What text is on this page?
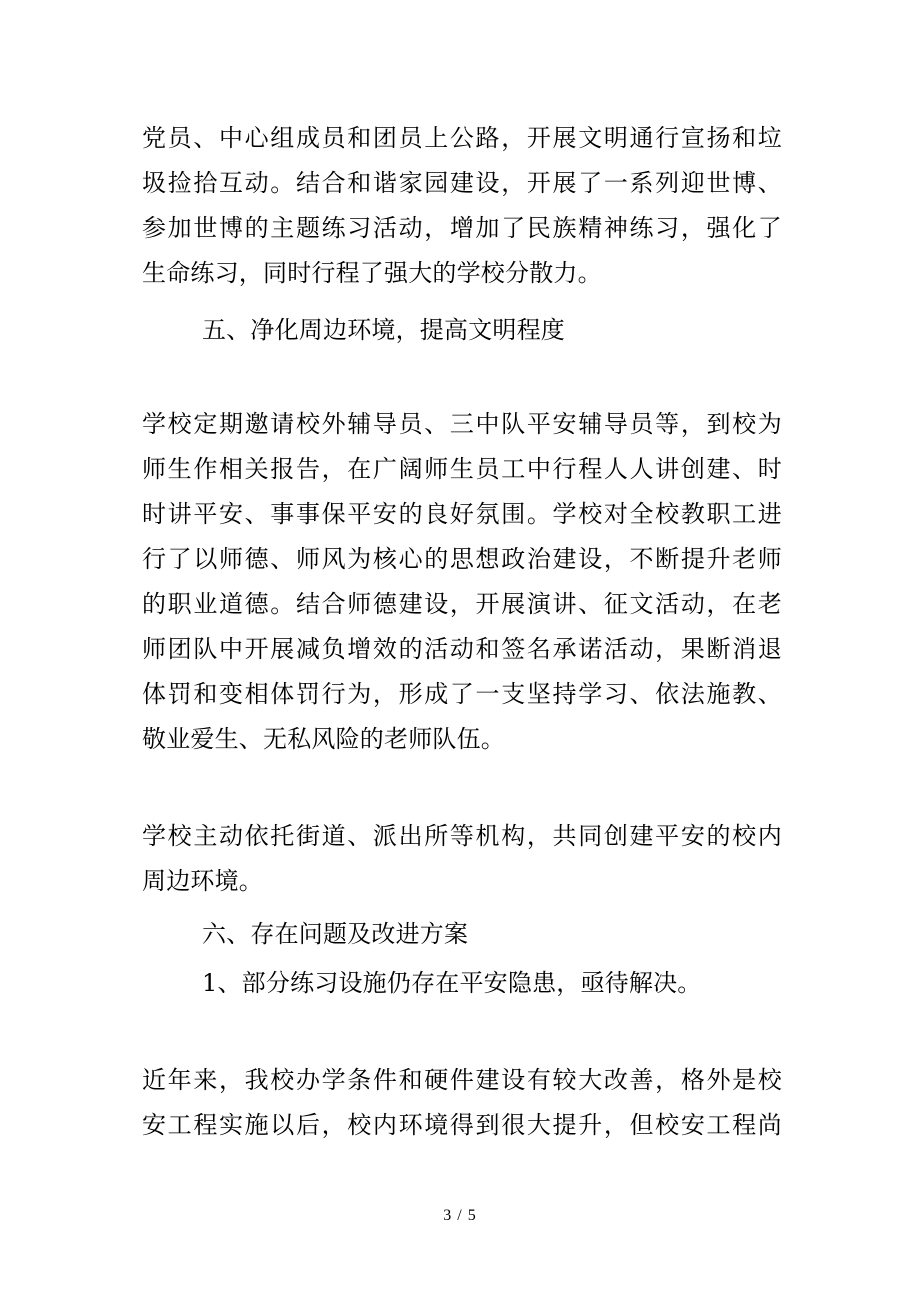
党员、中心组成员和团员上公路，开展文明通行宣扬和垃
圾捡拾互动。结合和谐家园建设，开展了一系列迎世博、
参加世博的主题练习活动，增加了民族精神练习，强化了
生命练习，同时行程了强大的学校分散力。
五、净化周边环境，提高文明程度
学校定期邀请校外辅导员、三中队平安辅导员等，到校为
师生作相关报告，在广阔师生员工中行程人人讲创建、时
时讲平安、事事保平安的良好氛围。学校对全校教职工进
行了以师德、师风为核心的思想政治建设，不断提升老师
的职业道德。结合师德建设，开展演讲、征文活动，在老
师团队中开展减负增效的活动和签名承诺活动，果断消退
体罚和变相体罚行为，形成了一支坚持学习、依法施教、
敬业爱生、无私风险的老师队伍。
学校主动依托街道、派出所等机构，共同创建平安的校内
周边环境。
六、存在问题及改进方案
1、部分练习设施仍存在平安隐患，亟待解决。
近年来，我校办学条件和硬件建设有较大改善，格外是校
安工程实施以后，校内环境得到很大提升，但校安工程尚
3 / 5
